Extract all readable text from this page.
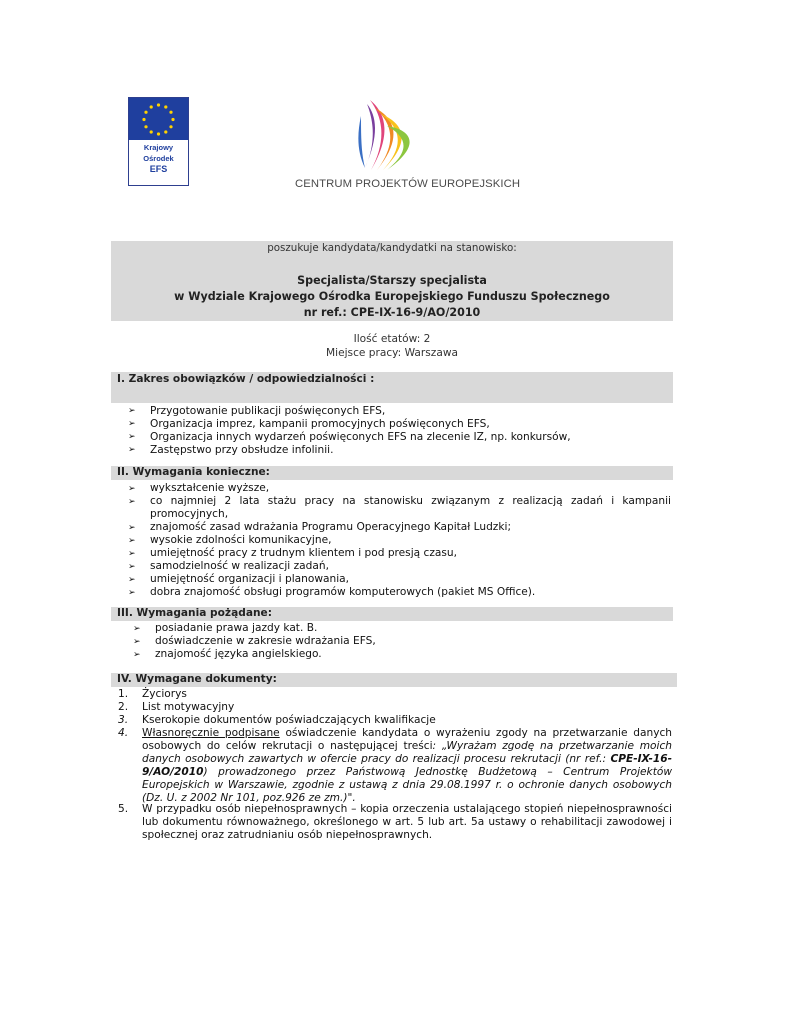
Krajowy
Ośrodek
EFS
CENTRUM PROJEKTÓW EUROPEJSKICH
poszukuje kandydata/kandydatki na stanowisko:
Specjalista/Starszy specjalista
w Wydziale Krajowego Ośrodka Europejskiego Funduszu Społecznego
nr ref.: CPE-IX-16-9/AO/2010
Ilość etatów: 2
Miejsce pracy: Warszawa
I. Zakres obowiązków / odpowiedzialności :
➢ Przygotowanie publikacji poświęconych EFS,
➢ Organizacja imprez, kampanii promocyjnych poświęconych EFS,
➢ Organizacja innych wydarzeń poświęconych EFS na zlecenie IZ, np. konkursów,
➢ Zastępstwo przy obsłudze infolinii.
II. Wymagania konieczne:
➢ wykształcenie wyższe,
➢ co najmniej 2 lata stażu pracy na stanowisku związanym z realizacją zadań i kampanii promocyjnych,
➢ znajomość zasad wdrażania Programu Operacyjnego Kapitał Ludzki;
➢ wysokie zdolności komunikacyjne,
➢ umiejętność pracy z trudnym klientem i pod presją czasu,
➢ samodzielność w realizacji zadań,
➢ umiejętność organizacji i planowania,
➢ dobra znajomość obsługi programów komputerowych (pakiet MS Office).
III. Wymagania pożądane:
➢ posiadanie prawa jazdy kat. B.
➢ doświadczenie w zakresie wdrażania EFS,
➢ znajomość języka angielskiego.
IV. Wymagane dokumenty:
1. Życiorys
2. List motywacyjny
3. Kserokopie dokumentów poświadczających kwalifikacje
4. Własnoręcznie podpisane oświadczenie kandydata o wyrażeniu zgody na przetwarzanie danych osobowych do celów rekrutacji o następującej treści: „Wyrażam zgodę na przetwarzanie moich danych osobowych zawartych w ofercie pracy do realizacji procesu rekrutacji (nr ref.: CPE-IX-16-9/AO/2010) prowadzonego przez Państwową Jednostkę Budżetową – Centrum Projektów Europejskich w Warszawie, zgodnie z ustawą z dnia 29.08.1997 r. o ochronie danych osobowych (Dz. U. z 2002 Nr 101, poz.926 ze zm.)".
5. W przypadku osób niepełnosprawnych – kopia orzeczenia ustalającego stopień niepełnosprawności lub dokumentu równoważnego, określonego w art. 5 lub art. 5a ustawy o rehabilitacji zawodowej i społecznej oraz zatrudnianiu osób niepełnosprawnych.
